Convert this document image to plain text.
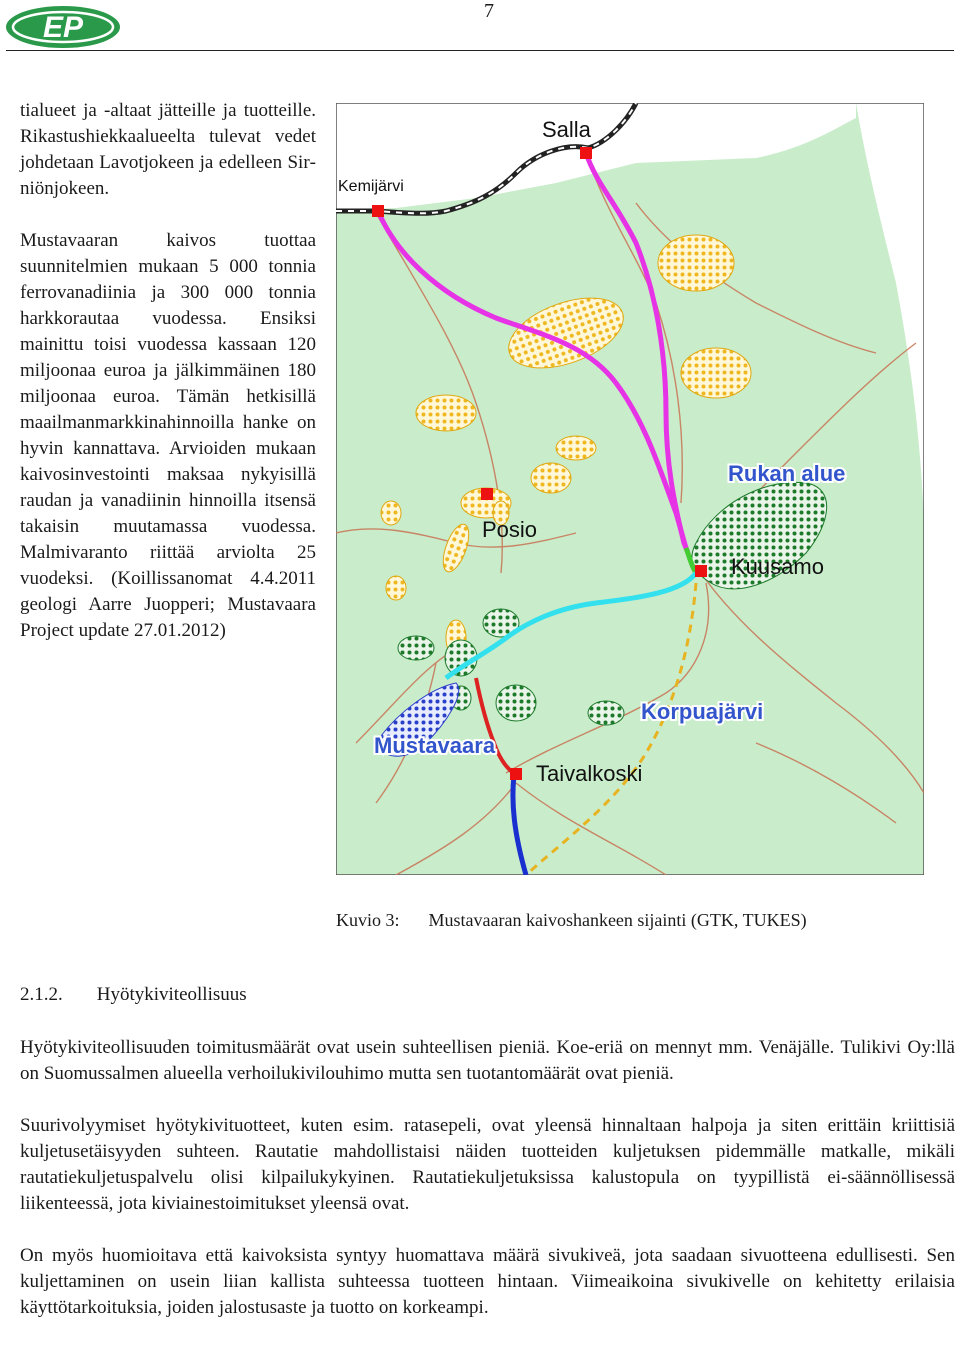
EP	7

tialueet ja -altaat jätteille ja tuotteille. Rikastushiekkaalueelta tulevat vedet johdetaan Lavotjokeen ja edelleen Sirniönjokeen.

Mustavaaran kaivos tuottaa suunnitelmien mukaan 5 000 tonnia ferrovanadiinia ja 300 000 tonnia harkkorautaa vuodessa. Ensiksi mainittu toisi vuodessa kassaan 120 miljoonaa euroa ja jälkimmäinen 180 miljoonaa euroa. Tämän hetkisillä maailmanmarkkinahinnoilla hanke on hyvin kannattava. Arvioiden mukaan kaivosinvestointi maksaa nykyisillä raudan ja vanadiinin hinnoilla itsensä takaisin muutamassa vuodessa. Malmivaranto riittää arviolta 25 vuodeksi. (Koillissanomat 4.4.2011 geologi Aarre Juopperi; Mustavaara Project update 27.01.2012)

Salla
Kemijärvi
Rukan alue
Posio
Kuusamo
Korpuajärvi
Mustavaara
Taivalkoski
Kuvio 3: Mustavaaran kaivoshankeen sijainti (GTK, TUKES)
2.1.2. Hyötykiviteollisuus

Hyötykiviteollisuuden toimitusmäärät ovat usein suhteellisen pieniä. Koe-eriä on mennyt mm. Venäjälle. Tulikivi Oy:llä on Suomussalmen alueella verhoilukivilouhimo mutta sen tuotantomäärät ovat pieniä.

Suurivolyymiset hyötykivituotteet, kuten esim. ratasepeli, ovat yleensä hinnaltaan halpoja ja siten erittäin kriittisiä kuljetusetäisyyden suhteen. Rautatie mahdollistaisi näiden tuotteiden kuljetuksen pidemmälle matkalle, mikäli rautatiekuljetuspalvelu olisi kilpailukykyinen. Rautatiekuljetuksissa kalustopula on tyypillistä ei-säännöllisessä liikenteessä, jota kiviainestoimitukset yleensä ovat.

On myös huomioitava että kaivoksista syntyy huomattava määrä sivukiveä, jota saadaan sivuotteena edullisesti. Sen kuljettaminen on usein liian kallista suhteessa tuotteen hintaan. Viimeaikoina sivukivelle on kehitetty erilaisia käyttötarkoituksia, joiden jalostusaste ja tuotto on korkeampi.
